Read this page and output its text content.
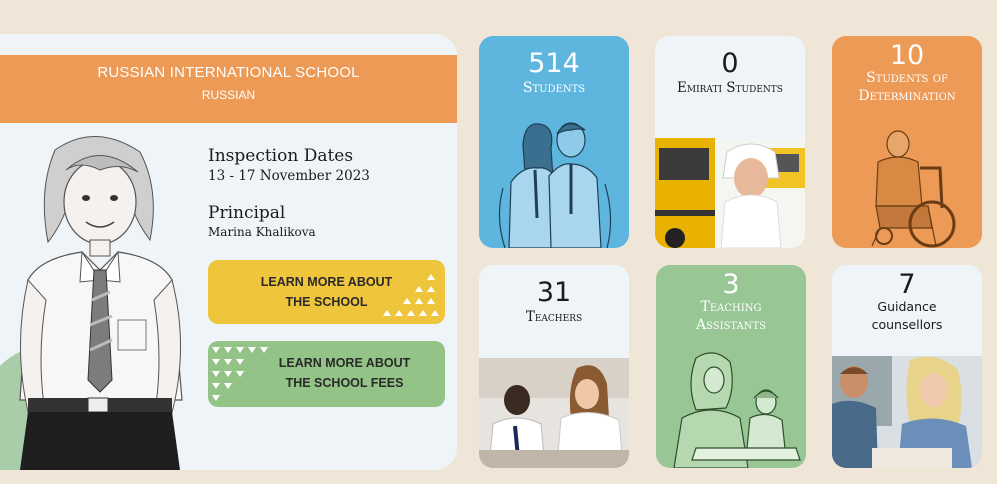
RUSSIAN INTERNATIONAL SCHOOL
RUSSIAN
Inspection Dates
13 - 17 November 2023
Principal
Marina Khalikova
LEARN MORE ABOUT
THE SCHOOL
LEARN MORE ABOUT
THE SCHOOL FEES
514
Students
0
Emirati Students
10
Students of
Determination
31
Teachers
3
Teaching
Assistants
7
Guidance
counsellors
